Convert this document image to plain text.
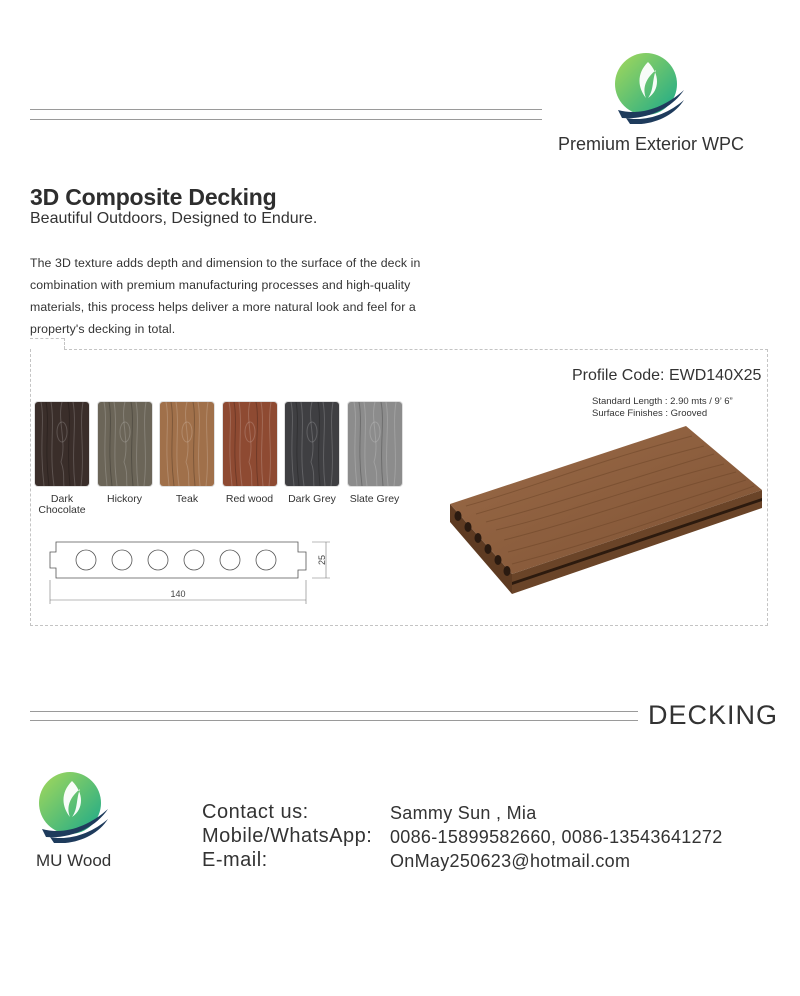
Premium Exterior WPC
3D Composite Decking
Beautiful Outdoors, Designed to Endure.
The 3D texture adds depth and dimension to the surface of the deck in combination with premium manufacturing processes and high-quality materials, this process helps deliver a more natural look and feel for a property's decking in total.
Profile Code: EWD140X25
Standard Length : 2.90 mts / 9’ 6”
Surface Finishes : Grooved
Dark Chocolate
Hickory	Teak	Red wood	Dark Grey	Slate Grey
140
25
DECKING
MU Wood
Contact us:	Sammy Sun , Mia
Mobile/WhatsApp: 0086-15899582660, 0086-13543641272
E-mail:	OnMay250623@hotmail.com
